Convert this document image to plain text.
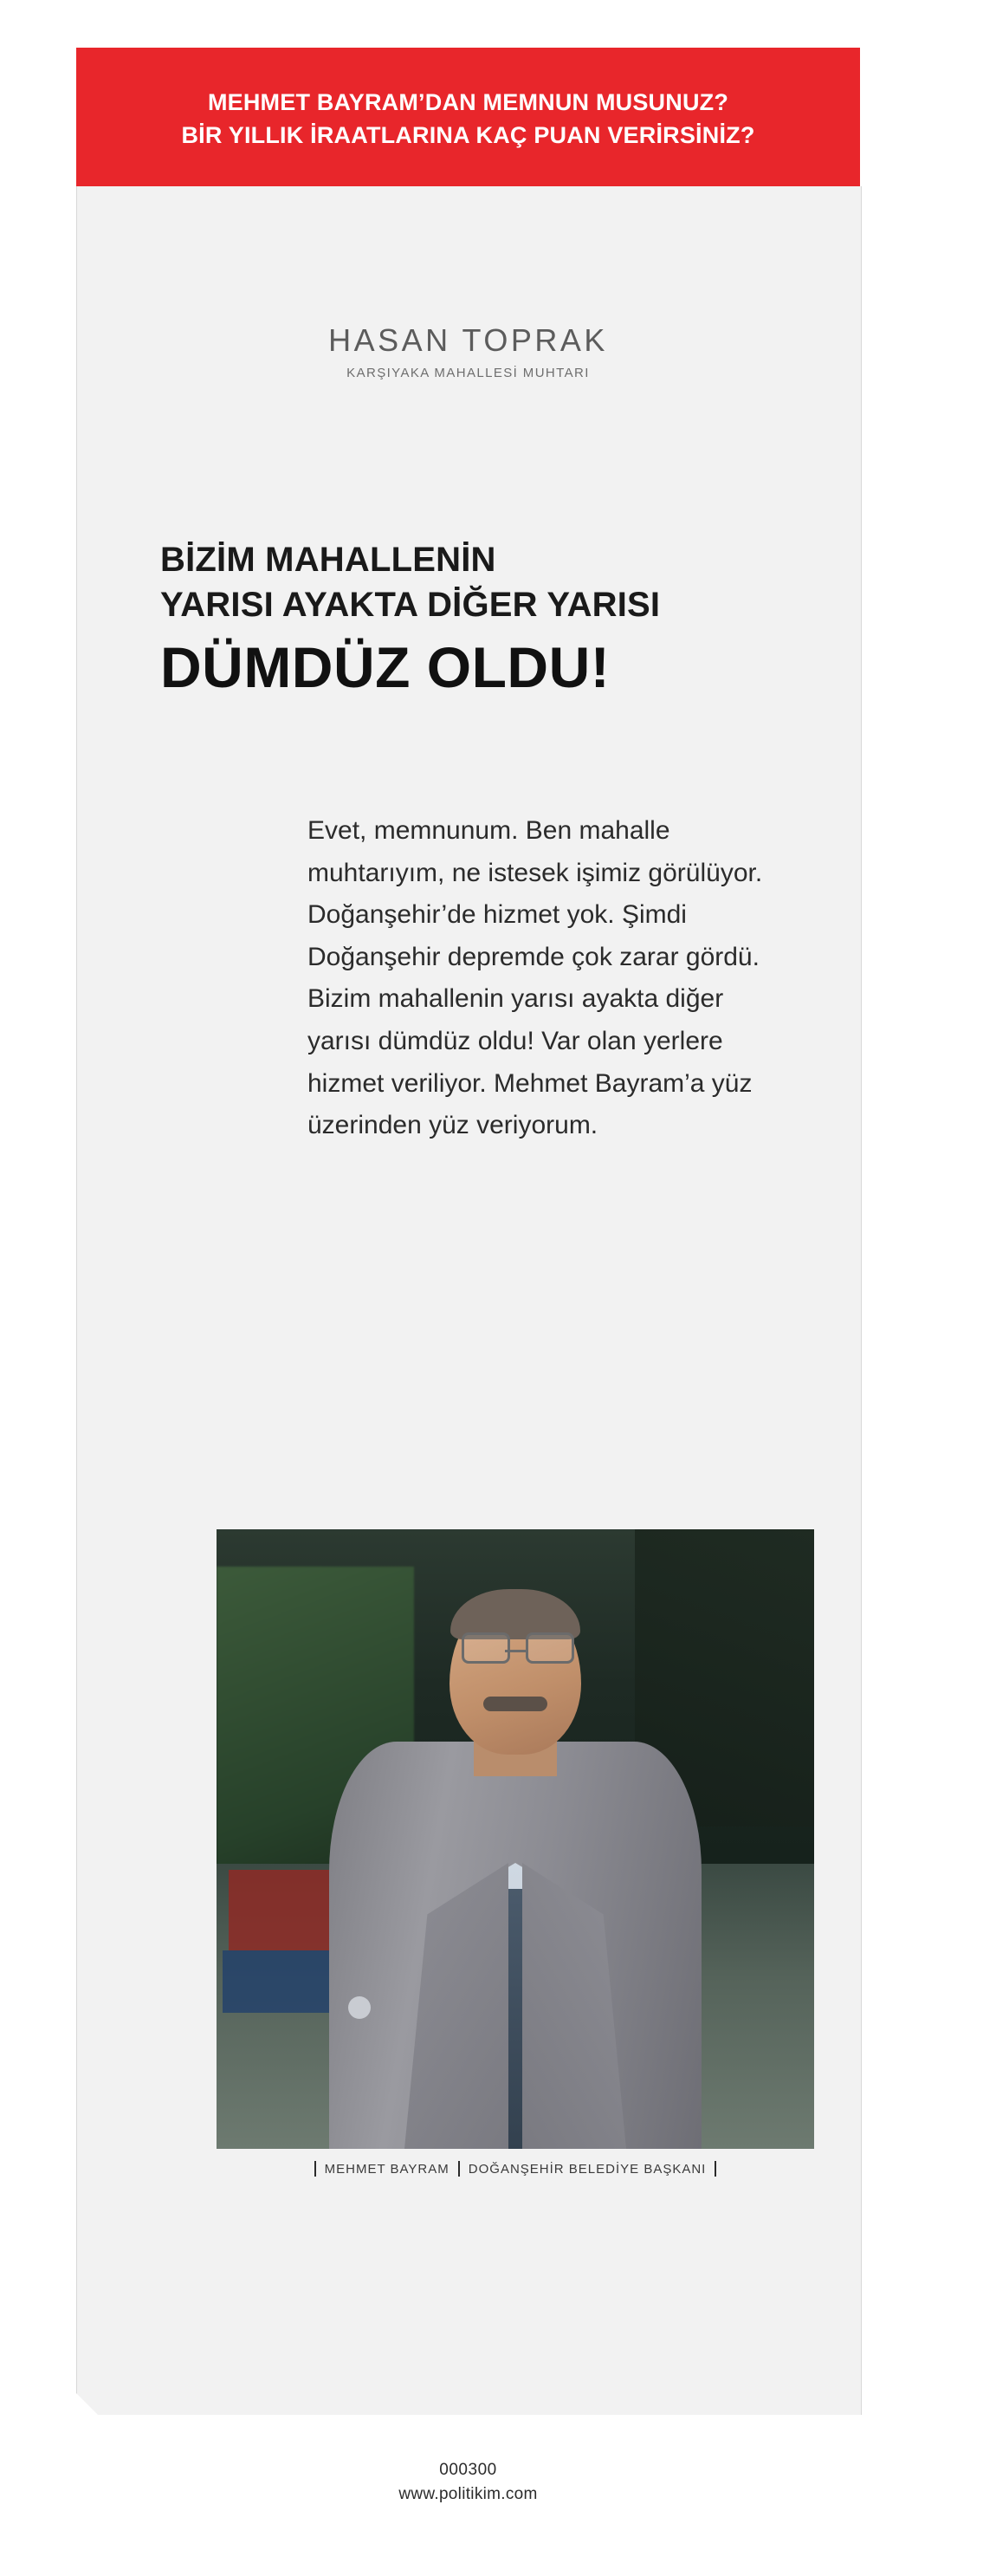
MEHMET BAYRAM’DAN MEMNUN MUSUNUZ?
BİR YILLIK İRAATLARINA KAÇ PUAN VERİRSİNİZ?
HASAN TOPRAK
KARŞIYAKA MAHALLESİ MUHTARI
BİZİM MAHALLENİN
YARISI AYAKTA DİĞER YARISI
DÜMDÜZ OLDU!

Evet, memnunum. Ben mahalle muhtarıyım, ne istesek işimiz görülüyor. Doğanşehir’de hizmet yok. Şimdi Doğanşehir depremde çok zarar gördü. Bizim mahallenin yarısı ayakta diğer yarısı dümdüz oldu! Var olan yerlere hizmet veriliyor. Mehmet Bayram’a yüz üzerinden yüz veriyorum.

MEHMET BAYRAM DOĞANŞEHİR BELEDİYE BAŞKANI
000300
www.politikim.com
